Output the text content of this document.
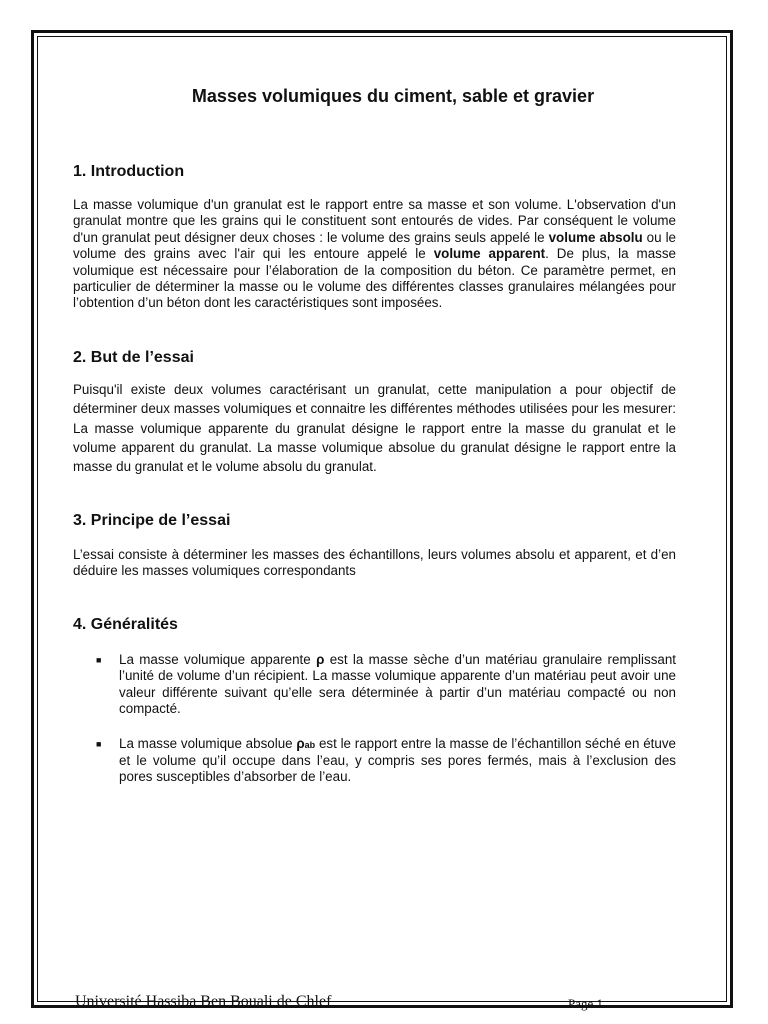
Masses volumiques du ciment, sable et gravier
1. Introduction

La masse volumique d'un granulat est le rapport entre sa masse et son volume. L'observation d'un granulat montre que les grains qui le constituent sont entourés de vides. Par conséquent le volume d'un granulat peut désigner deux choses : le volume des grains seuls appelé le volume absolu ou le volume des grains avec l'air qui les entoure appelé le volume apparent. De plus, la masse volumique est nécessaire pour l’élaboration de la composition du béton. Ce paramètre permet, en particulier de déterminer la masse ou le volume des différentes classes granulaires mélangées pour l’obtention d’un béton dont les caractéristiques sont imposées.

2. But de l’essai

Puisqu'il existe deux volumes caractérisant un granulat, cette manipulation a pour objectif de déterminer deux masses volumiques et connaitre les différentes méthodes utilisées pour les mesurer: La masse volumique apparente du granulat désigne le rapport entre la masse du granulat et le volume apparent du granulat. La masse volumique absolue du granulat désigne le rapport entre la masse du granulat et le volume absolu du granulat.

3. Principe de l’essai

L’essai consiste à déterminer les masses des échantillons, leurs volumes absolu et apparent, et d’en déduire les masses volumiques correspondants

4. Généralités
■ La masse volumique apparente ρ est la masse sèche d’un matériau granulaire remplissant l’unité de volume d’un récipient. La masse volumique apparente d’un matériau peut avoir une valeur différente suivant qu’elle sera déterminée à partir d’un matériau compacté ou non compacté.
■ La masse volumique absolue ρab est le rapport entre la masse de l’échantillon séché en étuve et le volume qu’il occupe dans l’eau, y compris ses pores fermés, mais à l’exclusion des pores susceptibles d’absorber de l’eau.
Université Hassiba Ben Bouali de Chlef	Page 1
